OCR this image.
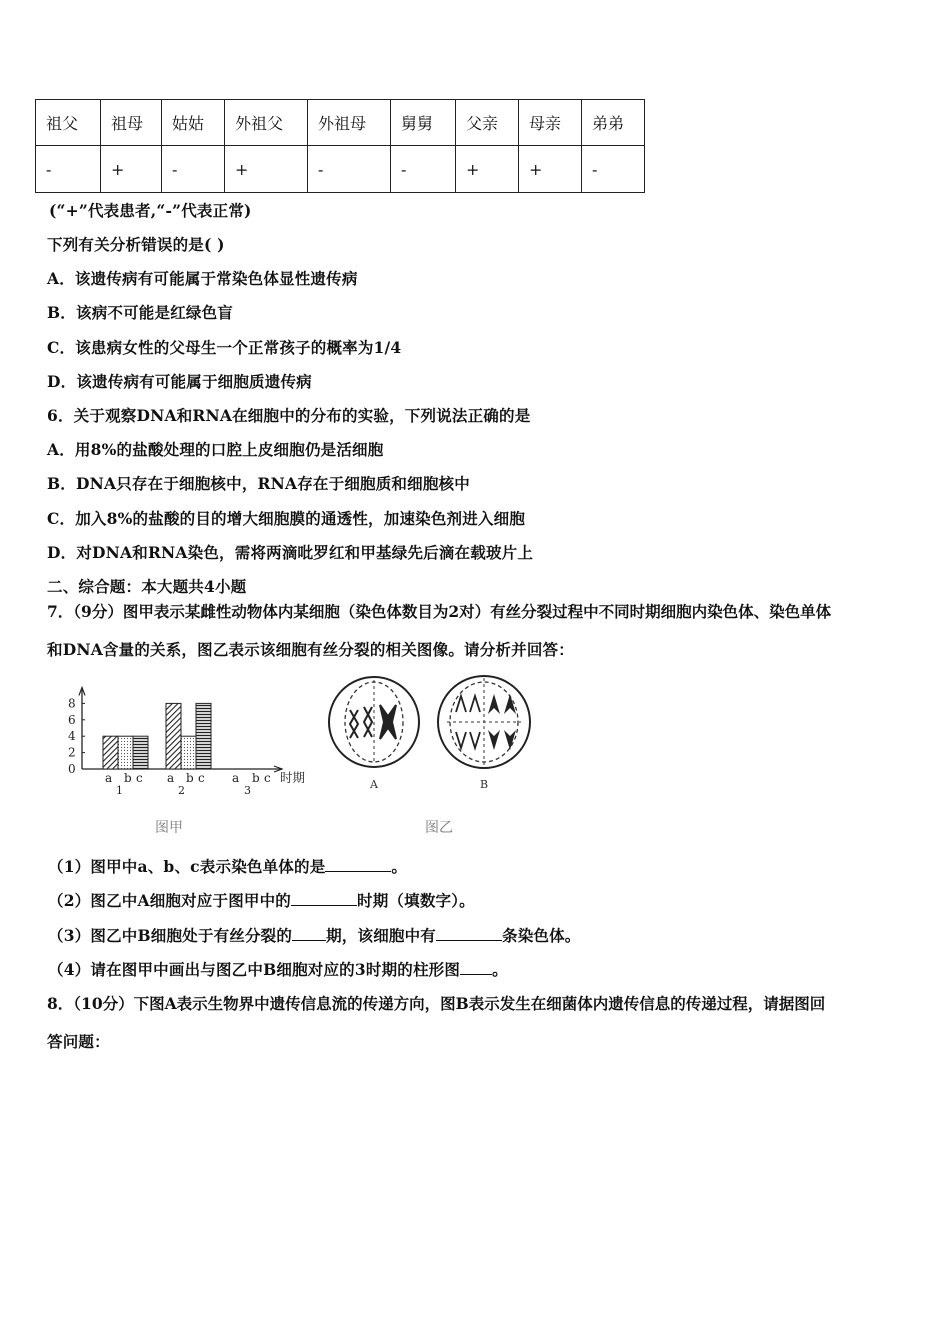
祖父	祖母	姑姑	外祖父	外祖母	舅舅	父亲	母亲	弟弟
-	+	-	+	-	-	+	+	-
(“+”代表患者,“-”代表正常)
下列有关分析错误的是( )
A．该遗传病有可能属于常染色体显性遗传病
B．该病不可能是红绿色盲
C．该患病女性的父母生一个正常孩子的概率为1/4
D．该遗传病有可能属于细胞质遗传病
6．关于观察DNA和RNA在细胞中的分布的实验，下列说法正确的是
A．用8%的盐酸处理的口腔上皮细胞仍是活细胞
B．DNA只存在于细胞核中，RNA存在于细胞质和细胞核中
C．加入8%的盐酸的目的增大细胞膜的通透性，加速染色剂进入细胞
D．对DNA和RNA染色，需将两滴吡罗红和甲基绿先后滴在载玻片上
二、综合题：本大题共4小题
7．（9分）图甲表示某雌性动物体内某细胞（染色体数目为2对）有丝分裂过程中不同时期细胞内染色体、染色单体
和DNA含量的关系，图乙表示该细胞有丝分裂的相关图像。请分析并回答：
0
2
4
6
8
a b c
1
a b c
2
a b c
3
时期
图甲
A	B
图乙
（1）图甲中a、b、c表示染色单体的是	。
（2）图乙中A细胞对应于图甲中的	时期（填数字）。
（3）图乙中B细胞处于有丝分裂的 期，该细胞中有	条染色体。
（4）请在图甲中画出与图乙中B细胞对应的3时期的柱形图 。
8．（10分）下图A表示生物界中遗传信息流的传递方向，图B表示发生在细菌体内遗传信息的传递过程，请据图回
答问题：
